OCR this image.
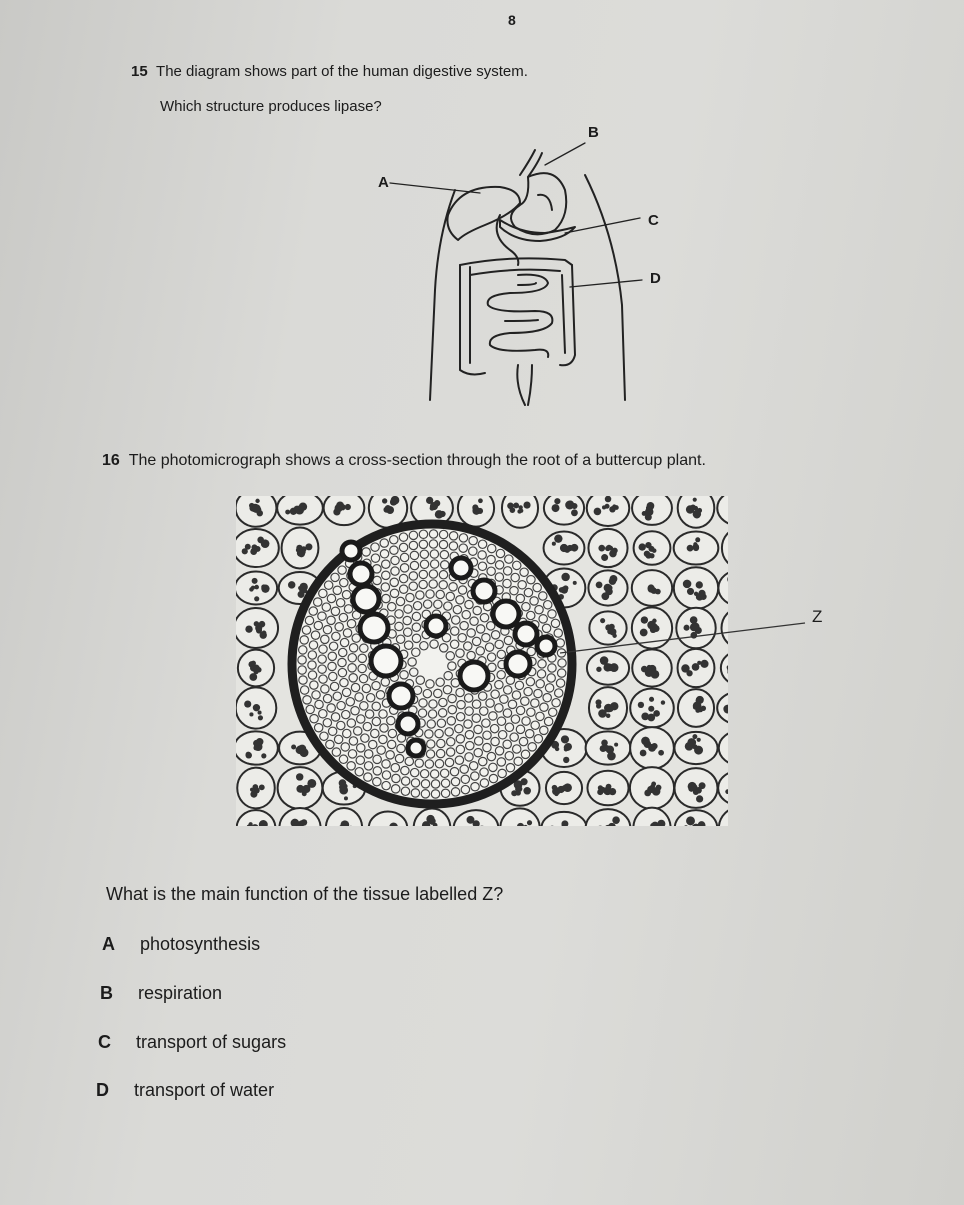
8
15 The diagram shows part of the human digestive system.
Which structure produces lipase?
A
B
C
D
16 The photomicrograph shows a cross-section through the root of a buttercup plant.
Z
What is the main function of the tissue labelled Z?
A photosynthesis
B respiration
C transport of sugars
D transport of water
